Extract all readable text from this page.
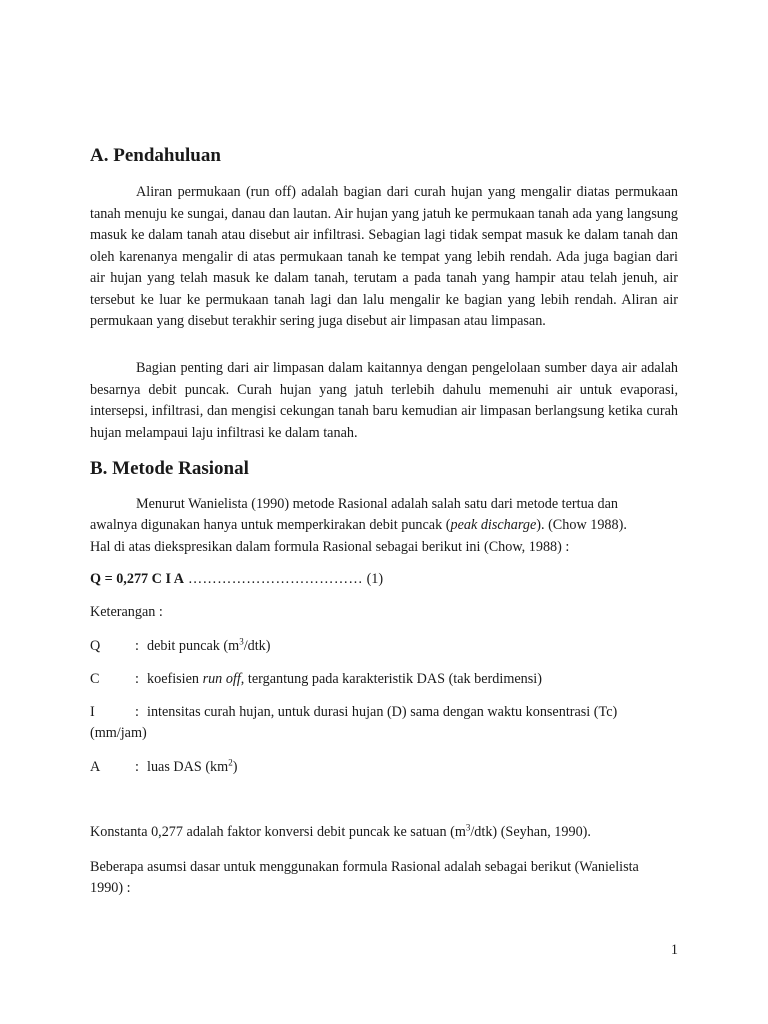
A. Pendahuluan

Aliran permukaan (run off) adalah bagian dari curah hujan yang mengalir diatas permukaan tanah menuju ke sungai, danau dan lautan. Air hujan yang jatuh ke permukaan tanah ada yang langsung masuk ke dalam tanah atau disebut air infiltrasi. Sebagian lagi tidak sempat masuk ke dalam tanah dan oleh karenanya mengalir di atas permukaan tanah ke tempat yang lebih rendah. Ada juga bagian dari air hujan yang telah masuk ke dalam tanah, terutam a pada tanah yang hampir atau telah jenuh, air tersebut ke luar ke permukaan tanah lagi dan lalu mengalir ke bagian yang lebih rendah. Aliran air permukaan yang disebut terakhir sering juga disebut air limpasan atau limpasan.

Bagian penting dari air limpasan dalam kaitannya dengan pengelolaan sumber daya air adalah besarnya debit puncak. Curah hujan yang jatuh terlebih dahulu memenuhi air untuk evaporasi, intersepsi, infiltrasi, dan mengisi cekungan tanah baru kemudian air limpasan berlangsung ketika curah hujan melampaui laju infiltrasi ke dalam tanah.

B. Metode Rasional
Menurut Wanielista (1990) metode Rasional adalah salah satu dari metode tertua dan
awalnya digunakan hanya untuk memperkirakan debit puncak (peak discharge). (Chow 1988).
Hal di atas diekspresikan dalam formula Rasional sebagai berikut ini (Chow, 1988) :
Q = 0,277 C I A ……………………………… (1)
Keterangan :
Q : debit puncak $(m^3/dtk)$
C	: koefisien run off, tergantung pada karakteristik DAS (tak berdimensi)
I	: intensitas curah hujan, untuk durasi hujan (D) sama dengan waktu konsentrasi (Tc)
(mm/jam)
A : luas DAS $(km^2)$
Konstanta 0,277 adalah faktor konversi debit puncak ke satuan $(m^3/dtk)$ (Seyhan, 1990).
Beberapa asumsi dasar untuk menggunakan formula Rasional adalah sebagai berikut (Wanielista
1990) :
1
